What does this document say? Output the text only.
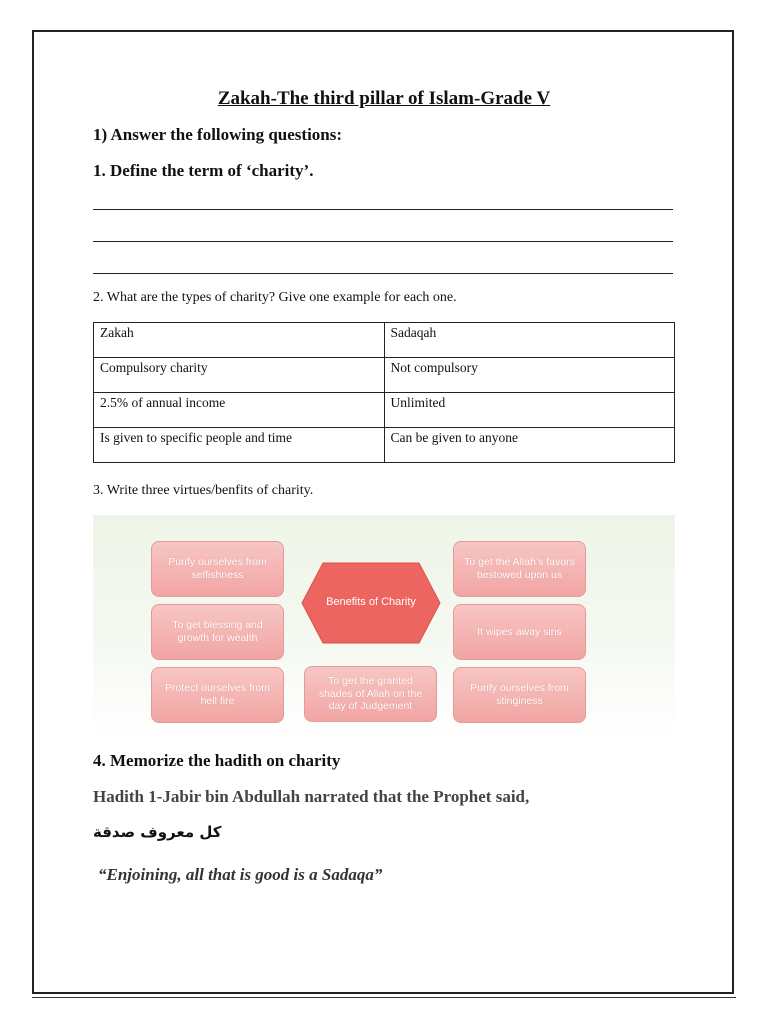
Zakah-The third pillar of Islam-Grade V
1) Answer the following questions:
1. Define the term of ‘charity’.
2. What are the types of charity? Give one example for each one.
Zakah	Sadaqah
Compulsory charity	Not compulsory
2.5% of annual income	Unlimited
Is given to specific people and time	Can be given to anyone
3. Write three virtues/benfits of charity.
Purify ourselves from selfishness
To get blessing and growth for wealth
Protect ourselves from hell fire
Benefits of Charity
To get the granted shades of Allah on the day of Judgement
To get the Allah’s favors bestowed upon us
It wipes away sins
Purify ourselves from stinginess
4. Memorize the hadith on charity
Hadith 1-Jabir bin Abdullah narrated that the Prophet said,
كل معروف صدقة
“Enjoining, all that is good is a Sadaqa”
